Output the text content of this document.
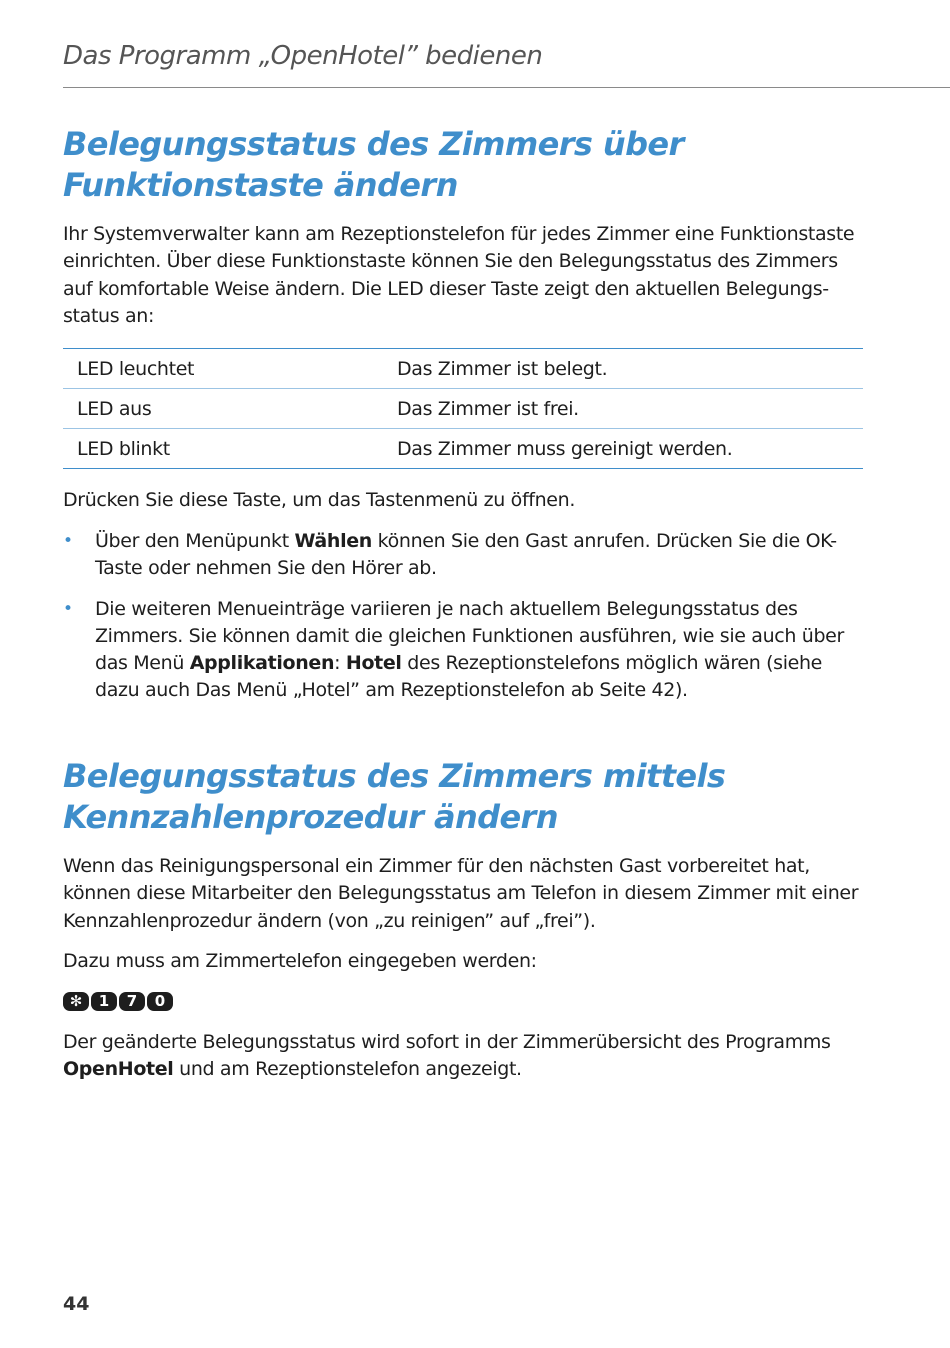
Das Programm „OpenHotel” bedienen
Belegungsstatus des Zimmers über Funktionstaste ändern

Ihr Systemverwalter kann am Rezeptionstelefon für jedes Zimmer eine Funktionstaste einrichten. Über diese Funktionstaste können Sie den Belegungsstatus des Zimmers auf komfortable Weise ändern. Die LED dieser Taste zeigt den aktuellen Belegungs-status an:

LED leuchtet	Das Zimmer ist belegt.
LED aus	Das Zimmer ist frei.
LED blinkt	Das Zimmer muss gereinigt werden.

Drücken Sie diese Taste, um das Tastenmenü zu öffnen.

• Über den Menüpunkt Wählen können Sie den Gast anrufen. Drücken Sie die OK-Taste oder nehmen Sie den Hörer ab.
• Die weiteren Menueinträge variieren je nach aktuellem Belegungsstatus des Zimmers. Sie können damit die gleichen Funktionen ausführen, wie sie auch über das Menü Applikationen: Hotel des Rezeptionstelefons möglich wären (siehe dazu auch Das Menü „Hotel” am Rezeptionstelefon ab Seite 42).
Belegungsstatus des Zimmers mittels
Kennzahlenprozedur ändern

Wenn das Reinigungspersonal ein Zimmer für den nächsten Gast vorbereitet hat, können diese Mitarbeiter den Belegungsstatus am Telefon in diesem Zimmer mit einer Kennzahlenprozedur ändern (von „zu reinigen” auf „frei”).

Dazu muss am Zimmertelefon eingegeben werden:

✻	1	7	0

Der geänderte Belegungsstatus wird sofort in der Zimmerübersicht des Programms OpenHotel und am Rezeptionstelefon angezeigt.

44
